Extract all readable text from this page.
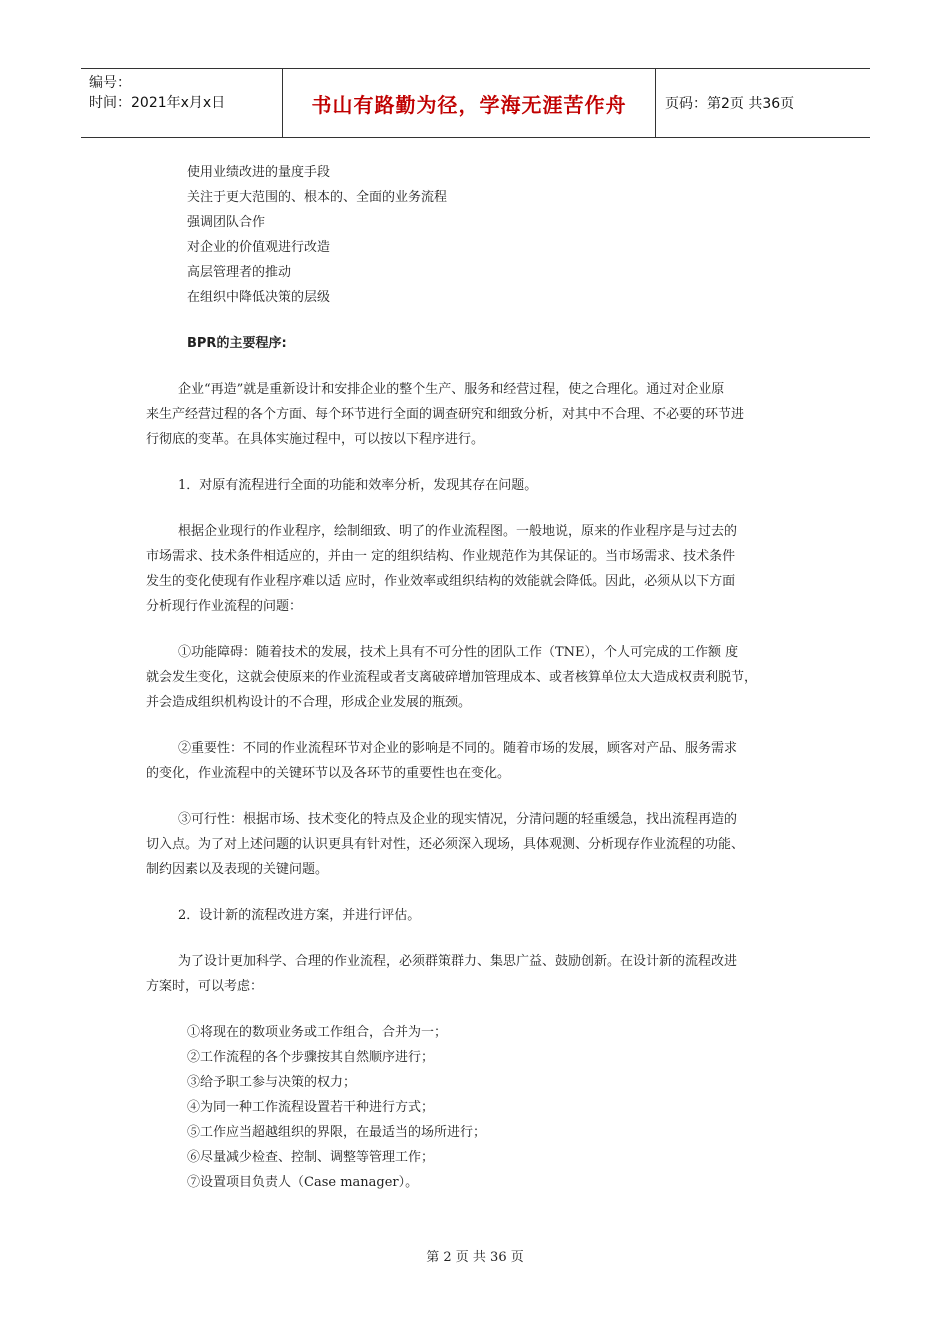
编号：
时间：2021年x月x日	书山有路勤为径，学海无涯苦作舟	页码：第2页 共36页
使用业绩改进的量度手段
关注于更大范围的、根本的、全面的业务流程
强调团队合作
对企业的价值观进行改造
高层管理者的推动
在组织中降低决策的层级
BPR的主要程序:
企业“再造”就是重新设计和安排企业的整个生产、服务和经营过程，使之合理化。通过对企业原
来生产经营过程的各个方面、每个环节进行全面的调查研究和细致分析，对其中不合理、不必要的环节进
行彻底的变革。在具体实施过程中，可以按以下程序进行。
1．对原有流程进行全面的功能和效率分析，发现其存在问题。
根据企业现行的作业程序，绘制细致、明了的作业流程图。一般地说，原来的作业程序是与过去的
市场需求、技术条件相适应的，并由一 定的组织结构、作业规范作为其保证的。当市场需求、技术条件
发生的变化使现有作业程序难以适 应时，作业效率或组织结构的效能就会降低。因此，必须从以下方面
分析现行作业流程的问题：
①功能障碍：随着技术的发展，技术上具有不可分性的团队工作（TNE），个人可完成的工作额 度
就会发生变化，这就会使原来的作业流程或者支离破碎增加管理成本、或者核算单位太大造成权责利脱节，
并会造成组织机构设计的不合理，形成企业发展的瓶颈。
②重要性：不同的作业流程环节对企业的影响是不同的。随着市场的发展，顾客对产品、服务需求
的变化，作业流程中的关键环节以及各环节的重要性也在变化。
③可行性：根据市场、技术变化的特点及企业的现实情况，分清问题的轻重缓急，找出流程再造的
切入点。为了对上述问题的认识更具有针对性，还必须深入现场，具体观测、分析现存作业流程的功能、
制约因素以及表现的关键问题。
2．设计新的流程改进方案，并进行评估。
为了设计更加科学、合理的作业流程，必须群策群力、集思广益、鼓励创新。在设计新的流程改进
方案时，可以考虑：
①将现在的数项业务或工作组合，合并为一；
②工作流程的各个步骤按其自然顺序进行；
③给予职工参与决策的权力；
④为同一种工作流程设置若干种进行方式；
⑤工作应当超越组织的界限，在最适当的场所进行；
⑥尽量减少检查、控制、调整等管理工作；
⑦设置项目负责人（Case manager）。
第 2 页 共 36 页
